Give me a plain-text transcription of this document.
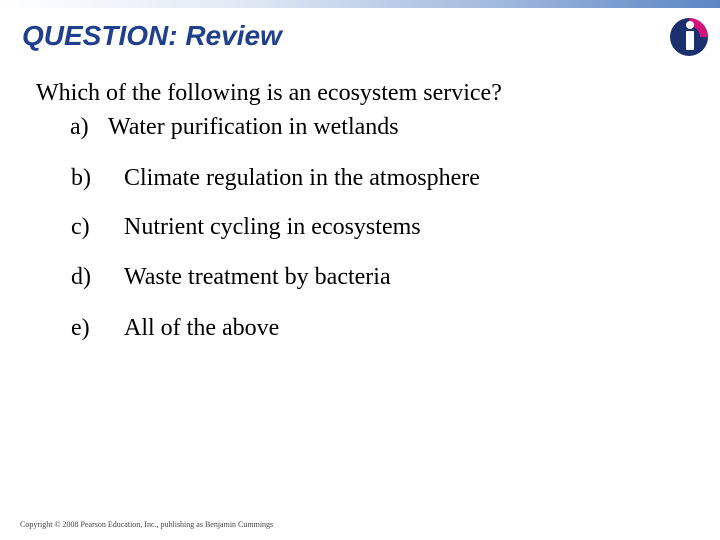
QUESTION: Review
Which of the following is an ecosystem service?
a) Water purification in wetlands
b) Climate regulation in the atmosphere
c) Nutrient cycling in ecosystems
d) Waste treatment by bacteria
e) All of the above
Copyright © 2008 Pearson Education, Inc., publishing as Benjamin Cummings
